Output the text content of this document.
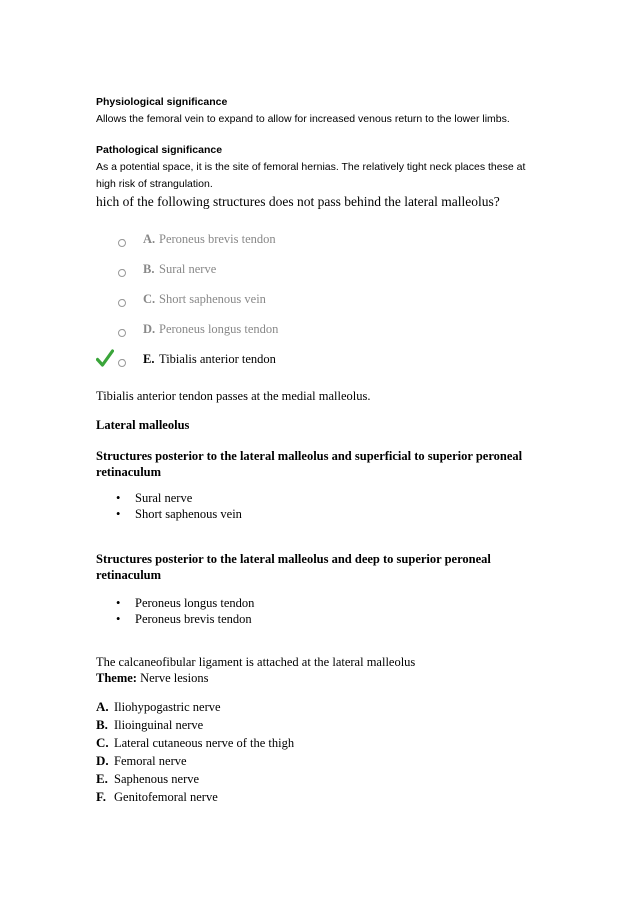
Physiological significance
Allows the femoral vein to expand to allow for increased venous return to the lower limbs.
Pathological significance
As a potential space, it is the site of femoral hernias. The relatively tight neck places these at
high risk of strangulation.
hich of the following structures does not pass behind the lateral malleolus?
A. Peroneus brevis tendon
B. Sural nerve
C. Short saphenous vein
D. Peroneus longus tendon
E. Tibialis anterior tendon
Tibialis anterior tendon passes at the medial malleolus.
Lateral malleolus
Structures posterior to the lateral malleolus and superficial to superior peroneal
retinaculum
• Sural nerve
• Short saphenous vein
Structures posterior to the lateral malleolus and deep to superior peroneal
retinaculum
• Peroneus longus tendon
• Peroneus brevis tendon
The calcaneofibular ligament is attached at the lateral malleolus
Theme: Nerve lesions
A. Iliohypogastric nerve
B. Ilioinguinal nerve
C. Lateral cutaneous nerve of the thigh
D. Femoral nerve
E. Saphenous nerve
F. Genitofemoral nerve
